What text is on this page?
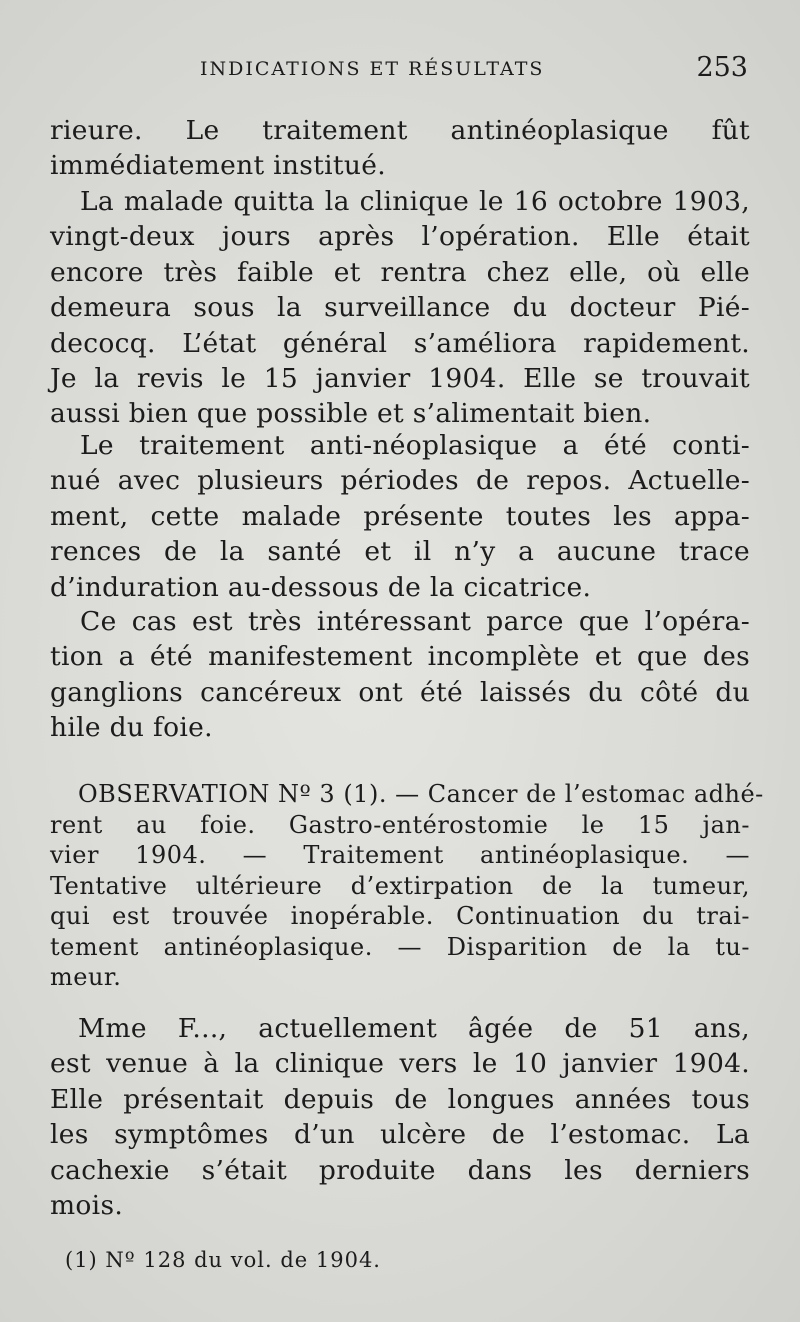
INDICATIONS ET RÉSULTATS	253
rieure. Le traitement antinéoplasique fût
immédiatement institué.
La malade quitta la clinique le 16 octobre 1903,
vingt-deux jours après l’opération. Elle était
encore très faible et rentra chez elle, où elle
demeura sous la surveillance du docteur Pié-
decocq. L’état général s’améliora rapidement.
Je la revis le 15 janvier 1904. Elle se trouvait
aussi bien que possible et s’alimentait bien.
Le traitement anti-néoplasique a été conti-
nué avec plusieurs périodes de repos. Actuelle-
ment, cette malade présente toutes les appa-
rences de la santé et il n’y a aucune trace
d’induration au-dessous de la cicatrice.
Ce cas est très intéressant parce que l’opéra-
tion a été manifestement incomplète et que des
ganglions cancéreux ont été laissés du côté du
hile du foie.
OBSERVATION Nº 3 (1). — Cancer de l’estomac adhé-
rent au foie. Gastro-entérostomie le 15 jan-
vier 1904. — Traitement antinéoplasique. —
Tentative ultérieure d’extirpation de la tumeur,
qui est trouvée inopérable. Continuation du trai-
tement antinéoplasique. — Disparition de la tu-
meur.
Mme F..., actuellement âgée de 51 ans,
est venue à la clinique vers le 10 janvier 1904.
Elle présentait depuis de longues années tous
les symptômes d’un ulcère de l’estomac. La
cachexie s’était produite dans les derniers
mois.
(1) Nº 128 du vol. de 1904.
